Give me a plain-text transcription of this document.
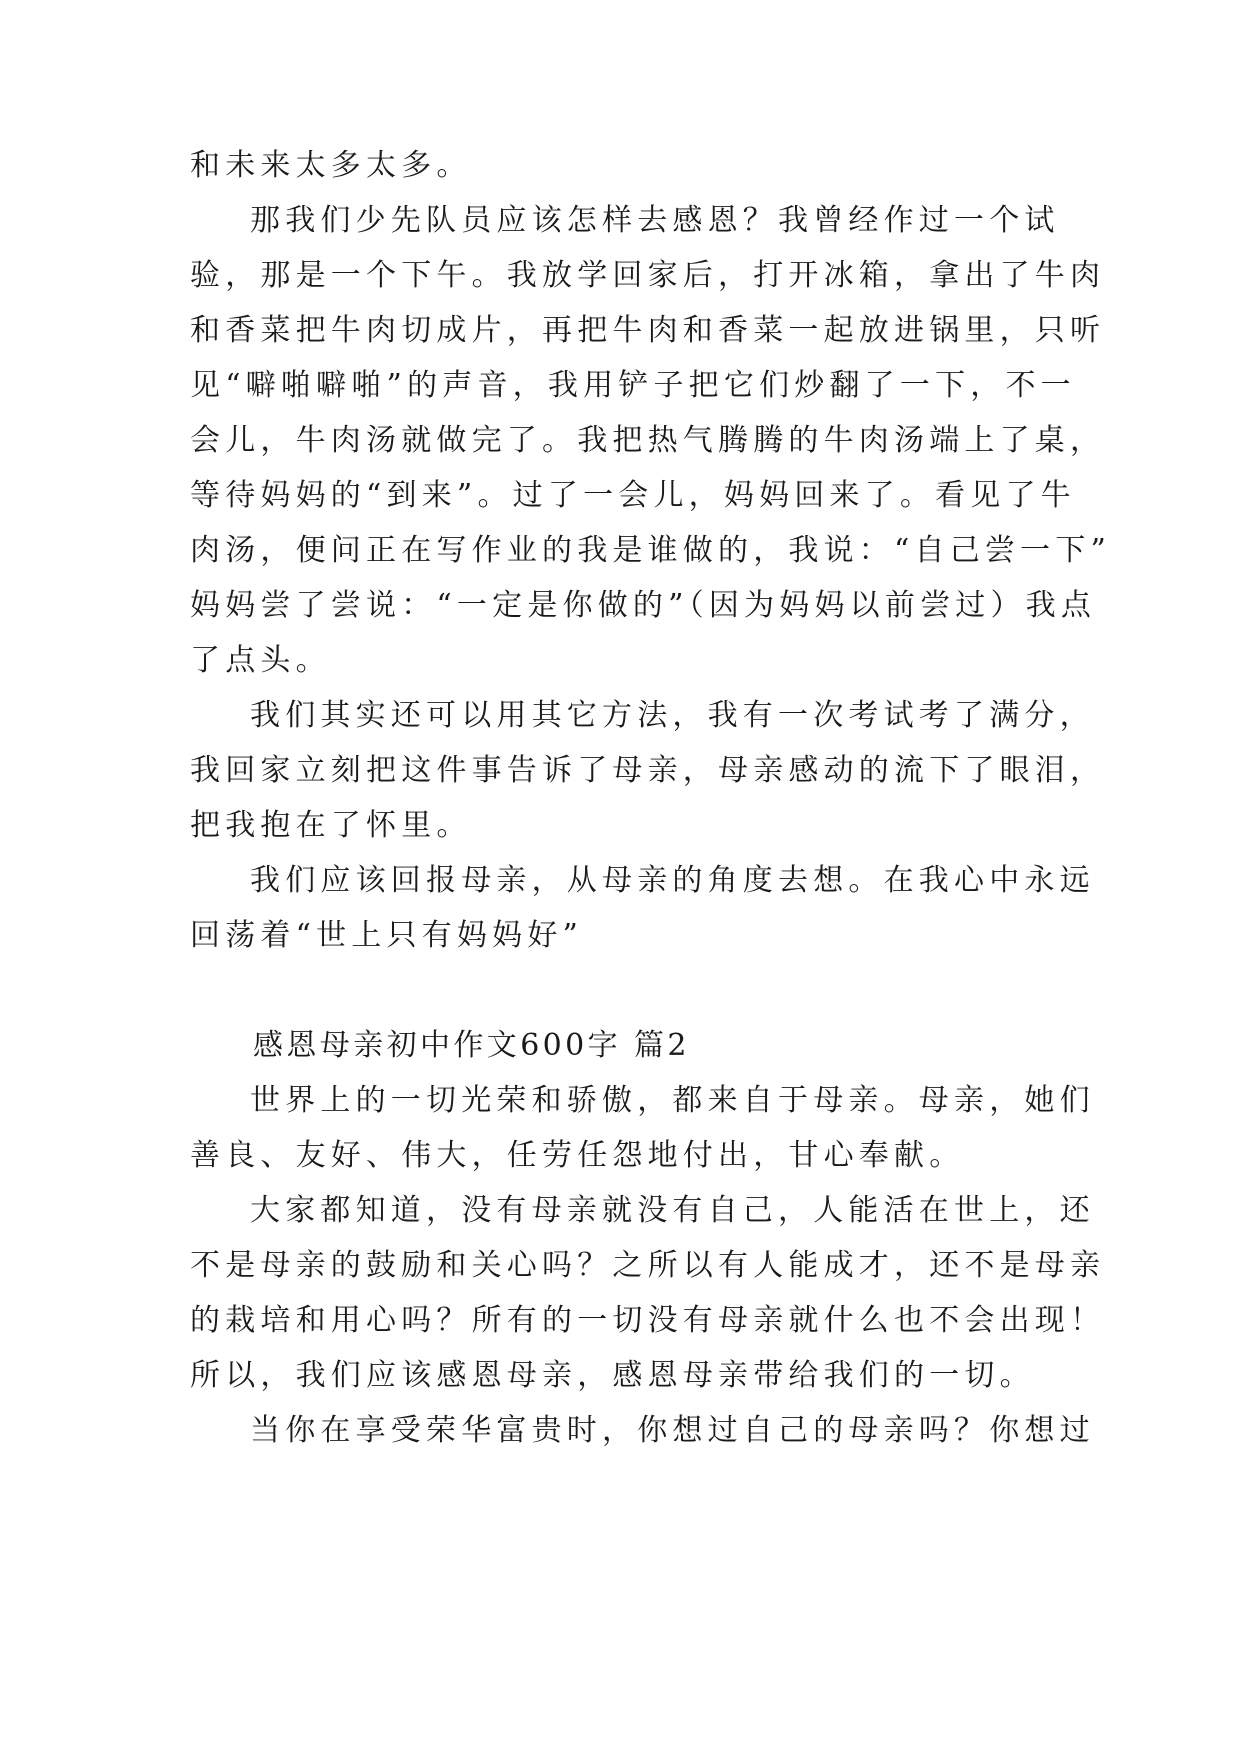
和未来太多太多。
那我们少先队员应该怎样去感恩？我曾经作过一个试
验，那是一个下午。我放学回家后，打开冰箱，拿出了牛肉
和香菜把牛肉切成片，再把牛肉和香菜一起放进锅里，只听
见“噼啪噼啪”的声音，我用铲子把它们炒翻了一下，不一
会儿，牛肉汤就做完了。我把热气腾腾的牛肉汤端上了桌，
等待妈妈的“到来”。过了一会儿，妈妈回来了。看见了牛
肉汤，便问正在写作业的我是谁做的，我说：“自己尝一下”
妈妈尝了尝说：“一定是你做的”（因为妈妈以前尝过）我点
了点头。
我们其实还可以用其它方法，我有一次考试考了满分，
我回家立刻把这件事告诉了母亲，母亲感动的流下了眼泪，
把我抱在了怀里。
我们应该回报母亲，从母亲的角度去想。在我心中永远
回荡着“世上只有妈妈好”
感恩母亲初中作文600字 篇2
世界上的一切光荣和骄傲，都来自于母亲。母亲，她们
善良、友好、伟大，任劳任怨地付出，甘心奉献。
大家都知道，没有母亲就没有自己，人能活在世上，还
不是母亲的鼓励和关心吗？之所以有人能成才，还不是母亲
的栽培和用心吗？所有的一切没有母亲就什么也不会出现！
所以，我们应该感恩母亲，感恩母亲带给我们的一切。
当你在享受荣华富贵时，你想过自己的母亲吗？你想过
